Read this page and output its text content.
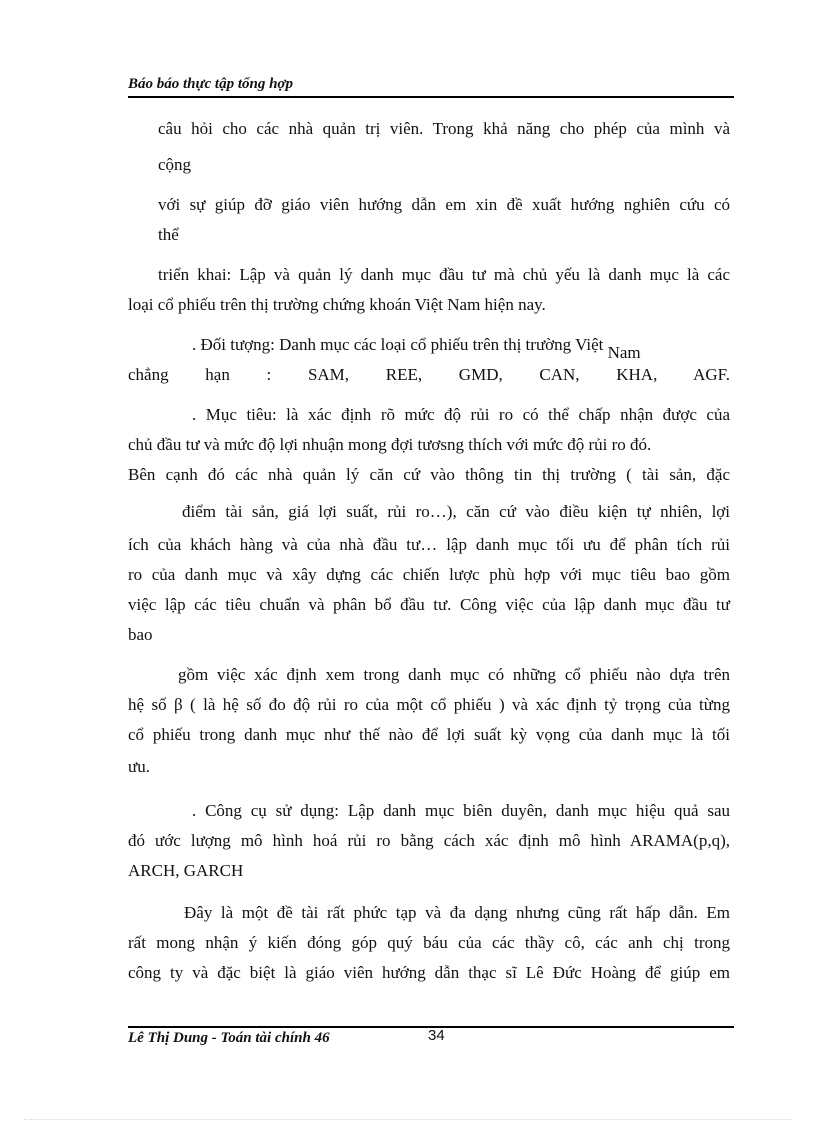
Báo báo thực tập tổng hợp
câu hỏi cho các nhà quản trị viên. Trong khả năng cho phép của mình và
cộng
với sự giúp đỡ giáo viên hướng dẫn em xin đề xuất hướng nghiên cứu có
thể
triển khai: Lập và quản lý danh mục đầu tư mà chủ yếu là danh mục là các
loại cổ phiếu trên thị trường chứng khoán Việt Nam hiện nay.
. Đối tượng: Danh mục các loại cổ phiếu trên thị trường Việt Nam
chẳng hạn : SAM, REE, GMD, CAN, KHA, AGF.
. Mục tiêu: là xác định rõ mức độ rủi ro có thể chấp nhận được của
chủ đầu tư và mức độ lợi nhuận mong đợi tươsng thích với mức độ rủi ro đó.
Bên cạnh đó các nhà quản lý căn cứ vào thông tin thị trường ( tài sản, đặc
điểm tài sản, giá lợi suất, rủi ro…), căn cứ vào điều kiện tự nhiên, lợi
ích của khách hàng và của nhà đầu tư… lập danh mục tối ưu để phân tích rủi
ro của danh mục và xây dựng các chiến lược phù hợp với mục tiêu bao gồm
việc lập các tiêu chuẩn và phân bổ đầu tư. Công việc của lập danh mục đầu tư
bao
gồm việc xác định xem trong danh mục có những cổ phiếu nào dựa trên
hệ số β ( là hệ số đo độ rủi ro của một cổ phiếu ) và xác định tỷ trọng của từng
cổ phiếu trong danh mục như thế nào để lợi suất kỳ vọng của danh mục là tối
ưu.
. Công cụ sử dụng: Lập danh mục biên duyên, danh mục hiệu quả sau
đó ước lượng mô hình hoá rủi ro bằng cách xác định mô hình ARAMA(p,q),
ARCH, GARCH
Đây là một đề tài rất phức tạp và đa dạng nhưng cũng rất hấp dẫn. Em
rất mong nhận ý kiến đóng góp quý báu của các thầy cô, các anh chị trong
công ty và đặc biệt là giáo viên hướng dẫn thạc sĩ Lê Đức Hoàng để giúp em
Lê Thị Dung - Toán tài chính 46	34
